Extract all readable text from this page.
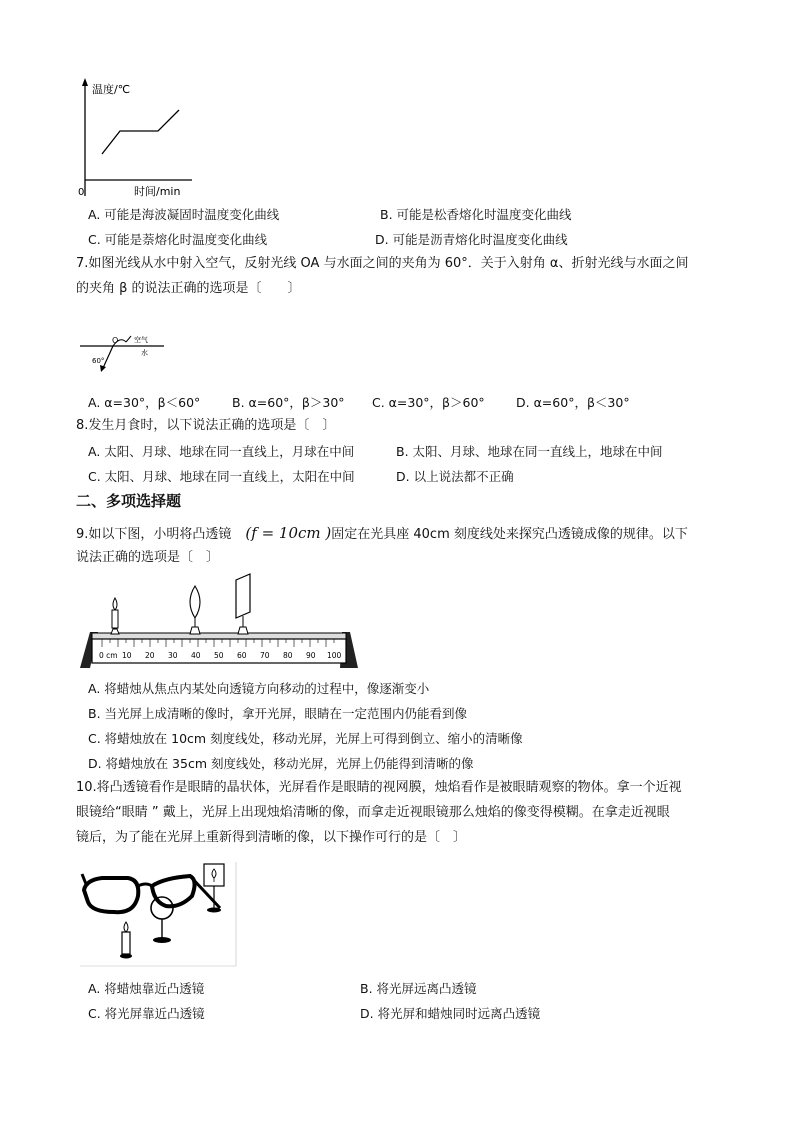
温度/℃
0	时间/min
A. 可能是海波凝固时温度变化曲线	B. 可能是松香熔化时温度变化曲线
C. 可能是萘熔化时温度变化曲线	D. 可能是沥青熔化时温度变化曲线
7.如图光线从水中射入空气，反射光线 OA 与水面之间的夹角为 60°．关于入射角 α、折射光线与水面之间
的夹角 β 的说法正确的选项是〔　　〕
O 空气
水
60°
A. α=30°，β＜60°	B. α=60°，β＞30° C. α=30°，β＞60°	D. α=60°，β＜30°
8.发生月食时，以下说法正确的选项是〔　〕
A. 太阳、月球、地球在同一直线上，月球在中间	B. 太阳、月球、地球在同一直线上，地球在中间
C. 太阳、月球、地球在同一直线上，太阳在中间	D. 以上说法都不正确
二、多项选择题
9.如以下图，小明将凸透镜 (f = 10cm )固定在光具座 40cm 刻度线处来探究凸透镜成像的规律。以下
说法正确的选项是〔　〕
0 cm 10 20 30 40 50 60 70 80 90 100
A. 将蜡烛从焦点内某处向透镜方向移动的过程中，像逐渐变小
B. 当光屏上成清晰的像时，拿开光屏，眼睛在一定范围内仍能看到像
C. 将蜡烛放在 10cm 刻度线处，移动光屏，光屏上可得到倒立、缩小的清晰像
D. 将蜡烛放在 35cm 刻度线处，移动光屏，光屏上仍能得到清晰的像
10.将凸透镜看作是眼睛的晶状体，光屏看作是眼睛的视网膜，烛焰看作是被眼睛观察的物体。拿一个近视
眼镜给“眼睛 ” 戴上，光屏上出现烛焰清晰的像，而拿走近视眼镜那么烛焰的像变得模糊。在拿走近视眼
镜后，为了能在光屏上重新得到清晰的像，以下操作可行的是〔　〕
A. 将蜡烛靠近凸透镜	B. 将光屏远离凸透镜
C. 将光屏靠近凸透镜	D. 将光屏和蜡烛同时远离凸透镜
